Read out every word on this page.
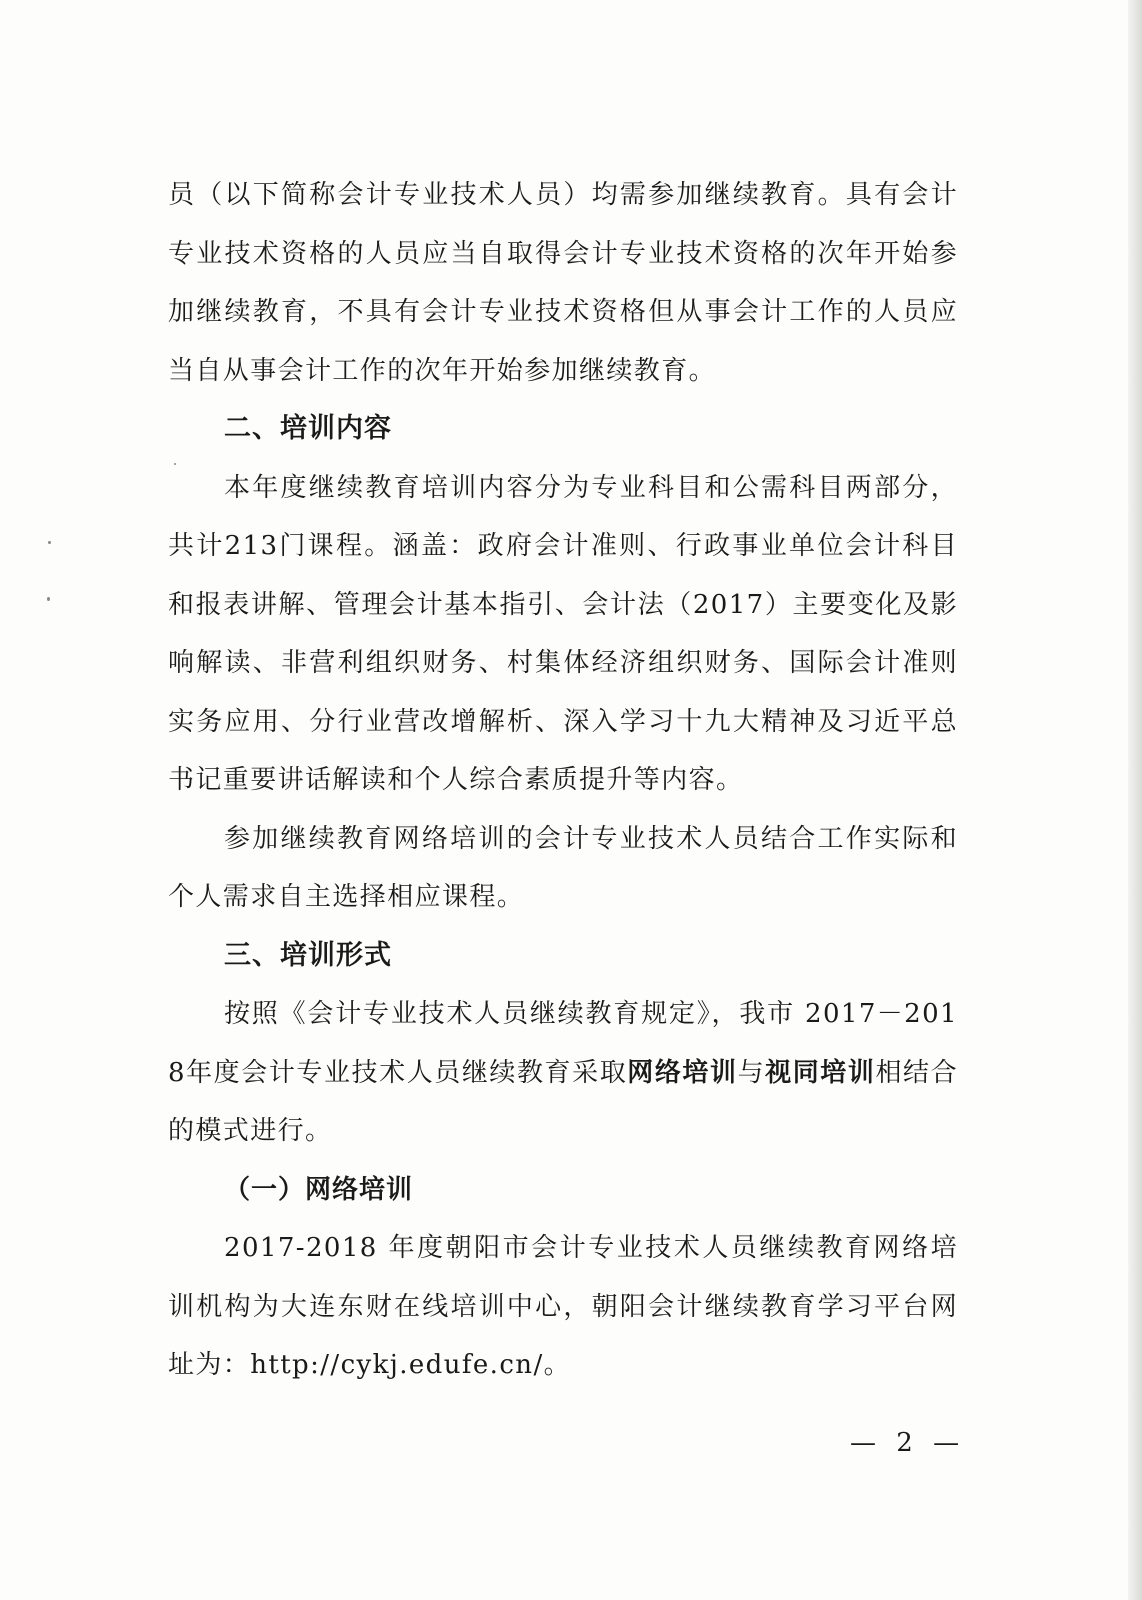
员（以下简称会计专业技术人员）均需参加继续教育。具有会计专业技术资格的人员应当自取得会计专业技术资格的次年开始参加继续教育，不具有会计专业技术资格但从事会计工作的人员应当自从事会计工作的次年开始参加继续教育。

二、培训内容

本年度继续教育培训内容分为专业科目和公需科目两部分，共计213门课程。涵盖：政府会计准则、行政事业单位会计科目和报表讲解、管理会计基本指引、会计法（2017）主要变化及影响解读、非营利组织财务、村集体经济组织财务、国际会计准则实务应用、分行业营改增解析、深入学习十九大精神及习近平总书记重要讲话解读和个人综合素质提升等内容。

参加继续教育网络培训的会计专业技术人员结合工作实际和个人需求自主选择相应课程。

三、培训形式

按照《会计专业技术人员继续教育规定》，我市 2017－2018年度会计专业技术人员继续教育采取网络培训与视同培训相结合的模式进行。

（一）网络培训

2017-2018 年度朝阳市会计专业技术人员继续教育网络培训机构为大连东财在线培训中心，朝阳会计继续教育学习平台网址为：http://cykj.edufe.cn/。

— 2 —
